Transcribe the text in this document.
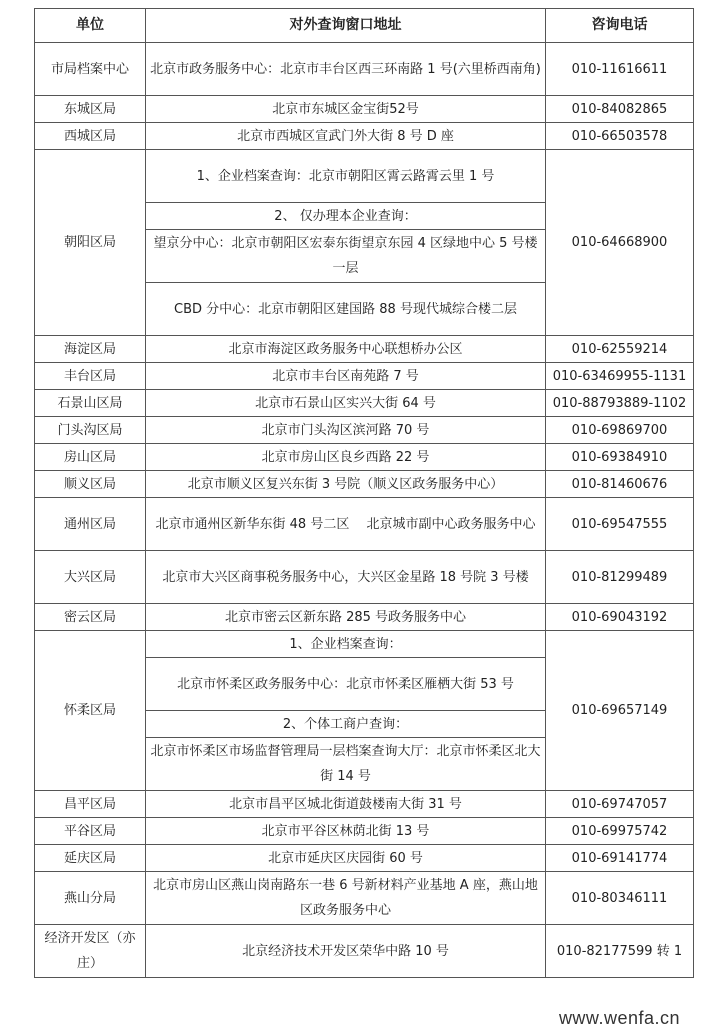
单位	对外查询窗口地址	咨询电话
市局档案中心	北京市政务服务中心：北京市丰台区西三环南路 1 号(六里桥西南角)	010-11616611
东城区局	北京市东城区金宝街52号	010-84082865
西城区局	北京市西城区宣武门外大街 8 号 D 座	010-66503578
朝阳区局	1、企业档案查询：北京市朝阳区霄云路霄云里 1 号	010-64668900
	2、 仅办理本企业查询：	
	望京分中心：北京市朝阳区宏泰东街望京东园 4 区绿地中心 5 号楼一层	
	CBD 分中心：北京市朝阳区建国路 88 号现代城综合楼二层	
海淀区局	北京市海淀区政务服务中心联想桥办公区	010-62559214
丰台区局	北京市丰台区南苑路 7 号	010-63469955-1131
石景山区局	北京市石景山区实兴大街 64 号	010-88793889-1102
门头沟区局	北京市门头沟区滨河路 70 号	010-69869700
房山区局	北京市房山区良乡西路 22 号	010-69384910
顺义区局	北京市顺义区复兴东街 3 号院（顺义区政务服务中心）	010-81460676
通州区局	北京市通州区新华东街 48 号二区　 北京城市副中心政务服务中心	010-69547555
大兴区局	北京市大兴区商事税务服务中心，大兴区金星路 18 号院 3 号楼	010-81299489
密云区局	北京市密云区新东路 285 号政务服务中心	010-69043192
怀柔区局	1、企业档案查询：	010-69657149
	北京市怀柔区政务服务中心：北京市怀柔区雁栖大街 53 号	
	2、个体工商户查询：	
	北京市怀柔区市场监督管理局一层档案查询大厅：北京市怀柔区北大街 14 号	
昌平区局	北京市昌平区城北街道鼓楼南大街 31 号	010-69747057
平谷区局	北京市平谷区林荫北街 13 号	010-69975742
延庆区局	北京市延庆区庆园街 60 号	010-69141774
燕山分局	北京市房山区燕山岗南路东一巷 6 号新材料产业基地 A 座，燕山地区政务服务中心	010-80346111
经济开发区（亦庄）	北京经济技术开发区荣华中路 10 号	010-82177599 转 1
www.wenfa.cn
